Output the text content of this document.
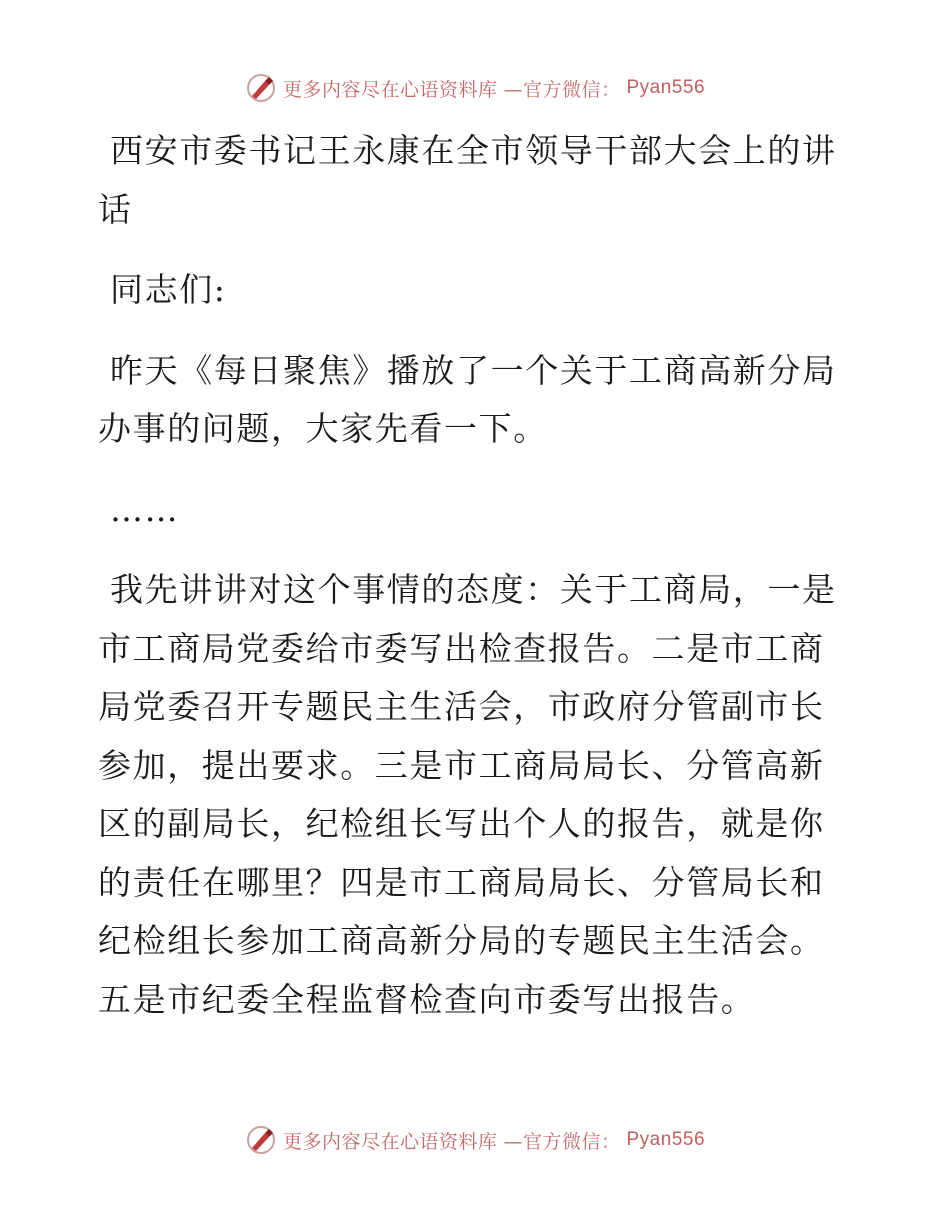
更多内容尽在心语资料库 —官方微信： Pyan556

西安市委书记王永康在全市领导干部大会上的讲话

同志们:

昨天《每日聚焦》播放了一个关于工商高新分局办事的问题，大家先看一下。

……

我先讲讲对这个事情的态度：关于工商局，一是市工商局党委给市委写出检查报告。二是市工商局党委召开专题民主生活会，市政府分管副市长参加，提出要求。三是市工商局局长、分管高新区的副局长，纪检组长写出个人的报告，就是你的责任在哪里？四是市工商局局长、分管局长和纪检组长参加工商高新分局的专题民主生活会。五是市纪委全程监督检查向市委写出报告。

更多内容尽在心语资料库 —官方微信： Pyan556
